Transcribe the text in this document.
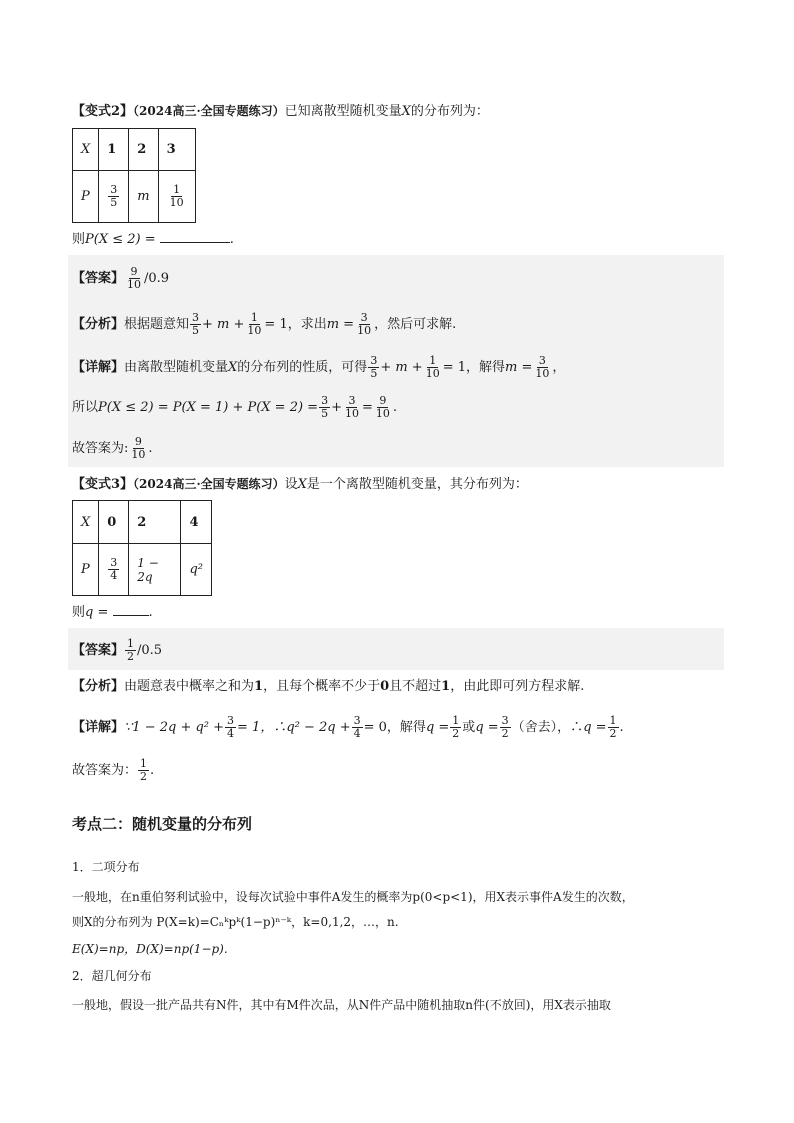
【变式2】（2024高三·全国专题练习）已知离散型随机变量X的分布列为：
X	1	2	3
P	$\frac{3}{5}$	m	$\frac{1}{10}$
则P(X ≤ 2) =	.
【答案】 $\frac{9}{10} /0.9$
【分析】根据题意知 $\frac{3}{5} + m + \frac{1}{10} = 1$，求出$m = \frac{3}{10}$ ，然后可求解.
【详解】由离散型随机变量X的分布列的性质，可得 $\frac{3}{5} + m + \frac{1}{10} = 1$，解得$m = \frac{3}{10}$ ，
所以$P(X \le 2) = P(X = 1) + P(X = 2) = \frac{3}{5} + \frac{3}{10} = \frac{9}{10}$ .
故答案为: $\frac{9}{10}$ .
【变式3】（2024高三·全国专题练习）设X是一个离散型随机变量，其分布列为：
X	0	2	4
P	$\frac{3}{4}$	1 − 2q	q²
则q =	.
【答案】 $\frac{1}{2} /0.5$
【分析】由题意表中概率之和为1，且每个概率不少于0且不超过1，由此即可列方程求解.
【详解】∵1 − $2q + q^2 + \frac{3}{4} = 1$，∴q² − $2q + \frac{3}{4} = 0$，解得$q = \frac{1}{2}$ 或$q = \frac{3}{2}$ （舍去），∴q = $\frac{1}{2}$ .
故答案为： $\frac{1}{2}$ .
考点二：随机变量的分布列
1．二项分布
一般地，在n重伯努利试验中，设每次试验中事件A发生的概率为p(0<p<1)，用X表示事件A发生的次数，
则X的分布列为 P(X=k)=Cₙᵏpᵏ(1−p)ⁿ⁻ᵏ，k=0,1,2，…，n.
E(X)=np，D(X)=np(1−p).
2．超几何分布
一般地，假设一批产品共有N件，其中有M件次品，从N件产品中随机抽取n件(不放回)，用X表示抽取
